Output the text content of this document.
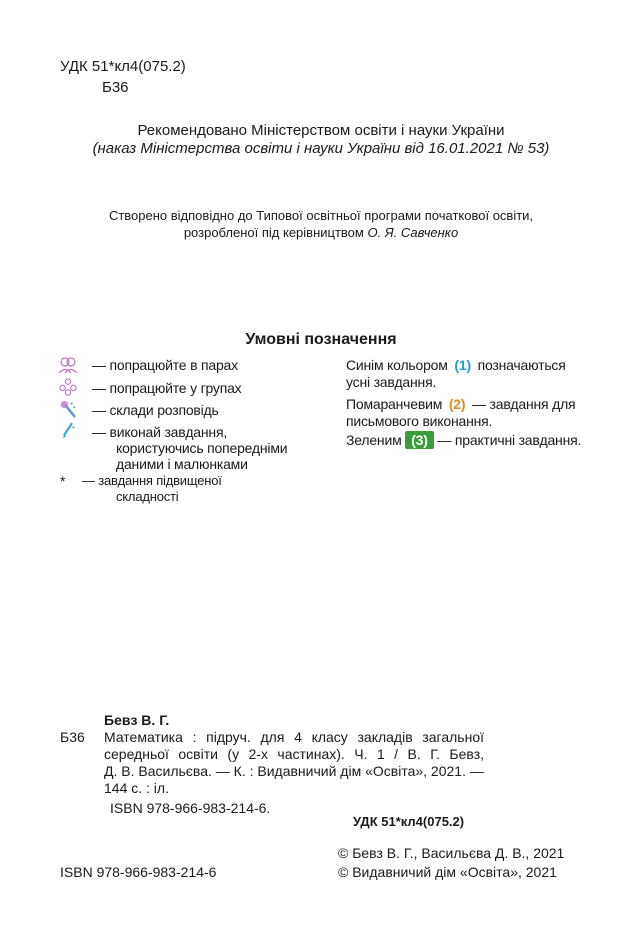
УДК 51*кл4(075.2)
Б36
Рекомендовано Міністерством освіти і науки України
(наказ Міністерства освіти і науки України від 16.01.2021 № 53)
Створено відповідно до Типової освітньої програми початкової освіти,
розробленої під керівництвом О. Я. Савченко
Умовні позначення
— попрацюйте в парах
— попрацюйте у групах
— склади розповідь
— виконай завдання,
користуючись попередніми
даними і малюнками
* — завдання підвищеної
складності
Синім кольором (1) позначаються
усні завдання.
Помаранчевим (2) — завдання для
письмового виконання.
Зеленим (3) — практичні завдання.
Бевз В. Г.
Б36 Математика : підруч. для 4 класу закладів загальної
середньої освіти (у 2-х частинах). Ч. 1 / В. Г. Бевз,
Д. В. Васильєва. — К. : Видавничий дім «Освіта», 2021. —
144 с. : іл.
ISBN 978-966-983-214-6.
УДК 51*кл4(075.2)
© Бевз В. Г., Васильєва Д. В., 2021
ISBN 978-966-983-214-6	© Видавничий дім «Освіта», 2021
